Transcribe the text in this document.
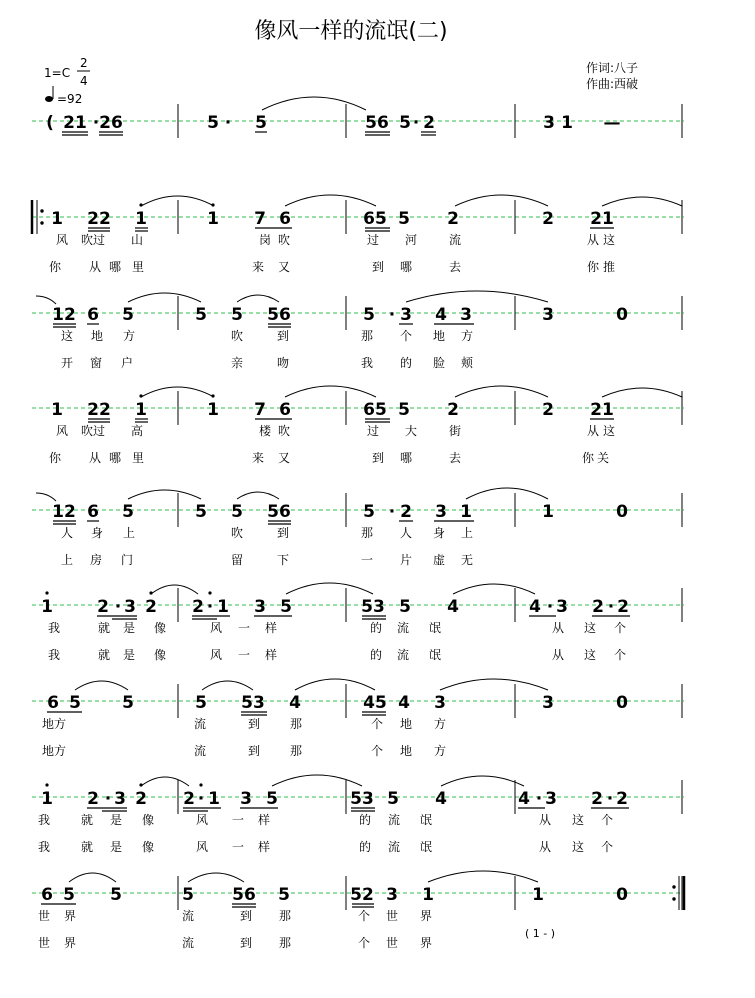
像风一样的流氓(二)
1=C
2
4
=92
作词:八子
作曲:西破
( 21 · 26	5 · 5	56 5 · 2	3 1 —
1 22 1	1 7 6	65 5 2	2 21
风 吹过 山	岗 吹	过 河	流	从 这
你 从 哪 里	来 又	到 哪	去	你 推
12 6 5	5 5 56	5 · 3 4 3	3	0
这 地 方	吹	到	那 个 地 方
开 窗 户	亲	吻	我 的 脸 颊
1 22 1	1 7 6	65 5 2	2 21
风 吹过 高	楼 吹	过 大	街	从 这
你 从 哪 里	来 又	到 哪	去	你 关
12 6 5	5 5 56	5 · 2 3 1	1	0
人 身 上	吹	到	那 人 身 上
上 房 门	留	下	一 片 虚 无
1	2 · 3 2 2 · 1 3 5	53 5 4	4 · 3 2 · 2
我	就 是 像	风 一 样	的 流 氓	从 这 个
我	就 是 像	风 一 样	的 流 氓	从 这 个
6 5 5	5 53 4	45 4 3	3	0
地方	流	到 那	个 地 方
地方	流	到 那	个 地 方
1 2 · 3 2 2 · 1 3 5	53 5 4	4 · 3 2 · 2
我	就 是 像	风 一 样	的 流 氓	从 这 个
我	就 是 像	风 一 样	的 流 氓	从 这 个
6 5 5	5 56 5	52 3 1	1	0
世 界	流	到 那	个 世 界
世 界	流	到 那	个 世 界
( 1 - )
